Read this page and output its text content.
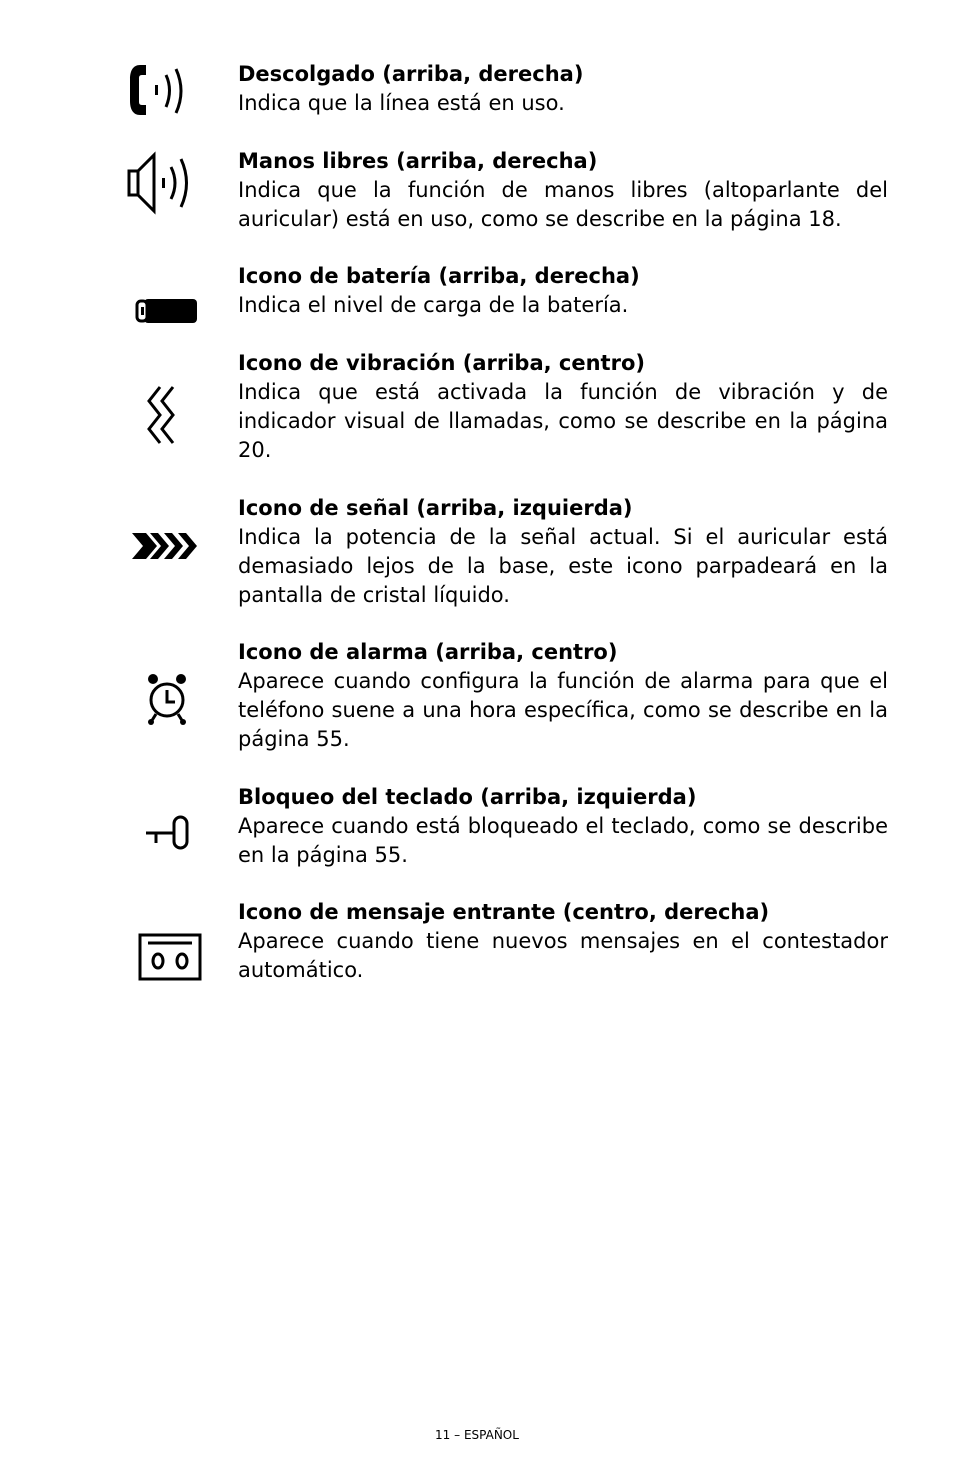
Descolgado (arriba, derecha)
Indica que la línea está en uso.
Manos libres (arriba, derecha)
Indica que la función de manos libres (altoparlante del auricular) está en uso, como se describe en la página 18.
Icono de batería (arriba, derecha)
Indica el nivel de carga de la batería.
Icono de vibración (arriba, centro)
Indica que está activada la función de vibración y de indicador visual de llamadas, como se describe en la página 20.
Icono de señal (arriba, izquierda)
Indica la potencia de la señal actual. Si el auricular está demasiado lejos de la base, este icono parpadeará en la pantalla de cristal líquido.
Icono de alarma (arriba, centro)
Aparece cuando configura la función de alarma para que el teléfono suene a una hora específica, como se describe en la página 55.
Bloqueo del teclado (arriba, izquierda)
Aparece cuando está bloqueado el teclado, como se describe en la página 55.
Icono de mensaje entrante (centro, derecha)
Aparece cuando tiene nuevos mensajes en el contestador automático.
11 – ESPAÑOL
